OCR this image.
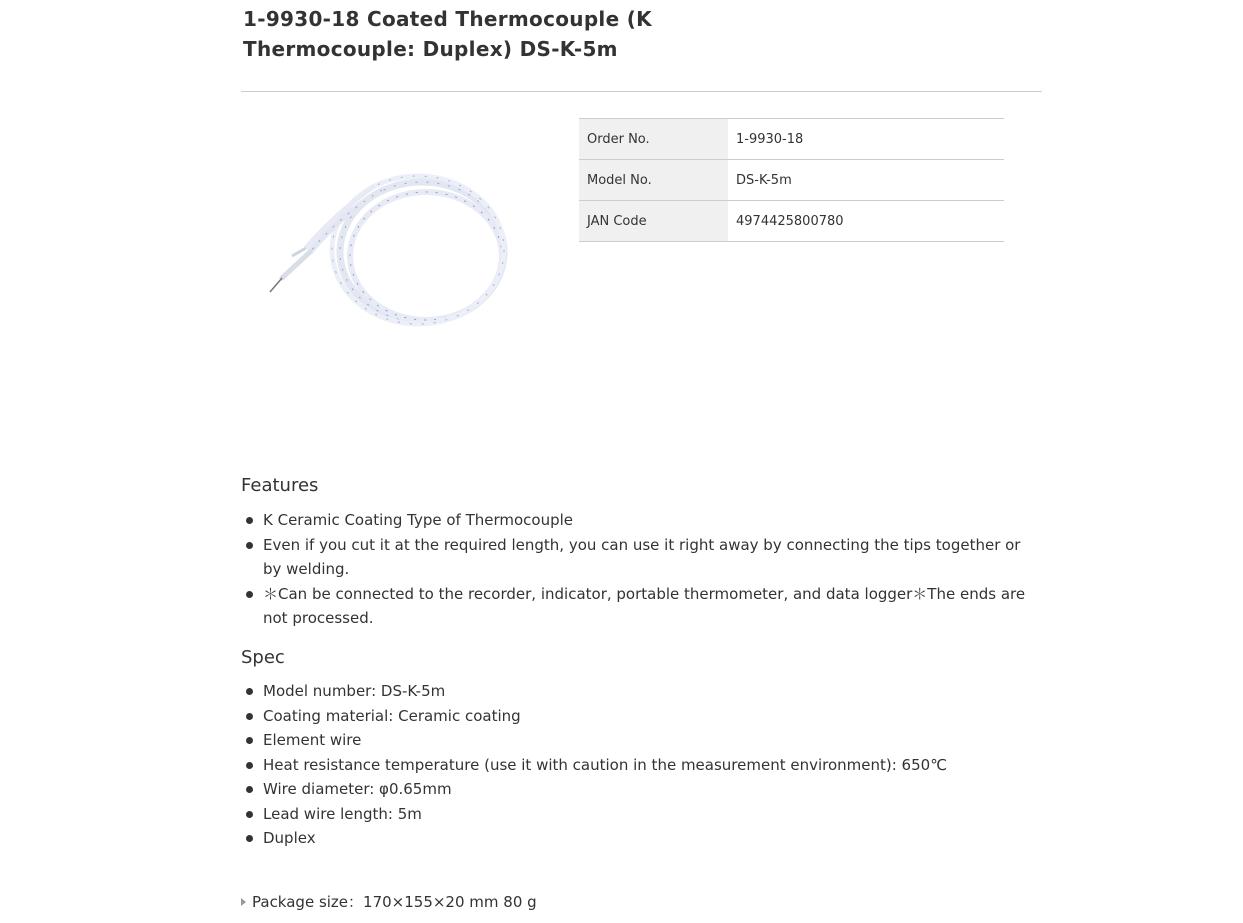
1-9930-18 Coated Thermocouple (K Thermocouple: Duplex) DS-K-5m
Order No.	1-9930-18
Model No.	DS-K-5m
JAN Code	4974425800780
Features
K Ceramic Coating Type of Thermocouple
Even if you cut it at the required length, you can use it right away by connecting the tips together or by welding.
＊Can be connected to the recorder, indicator, portable thermometer, and data logger＊The ends are not processed.
Spec
Model number: DS-K-5m
Coating material: Ceramic coating
Element wire
Heat resistance temperature (use it with caution in the measurement environment): 650℃
Wire diameter: φ0.65mm
Lead wire length: 5m
Duplex
Package size：170×155×20 mm 80 g
